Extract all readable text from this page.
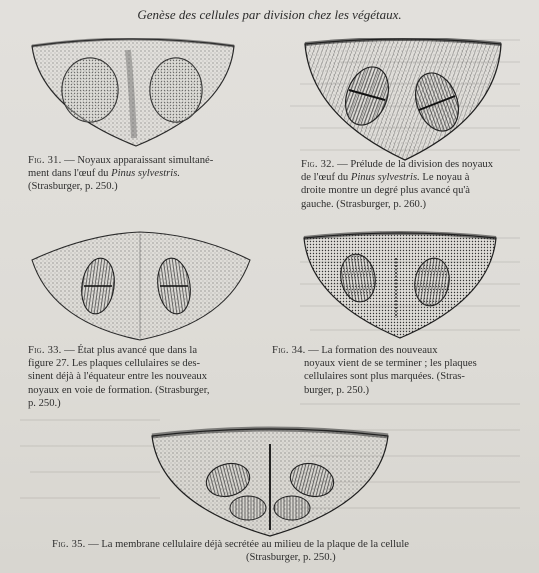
Genèse des cellules par division chez les végétaux.
Fig. 31. — Noyaux apparaissant simultané-
ment dans l'œuf du Pinus sylvestris.
(Strasburger, p. 250.)
Fig. 32. — Prélude de la division des noyaux
de l'œuf du Pinus sylvestris. Le noyau à
droite montre un degré plus avancé qu'à
gauche. (Strasburger, p. 260.)
Fig. 33. — État plus avancé que dans la
figure 27. Les plaques cellulaires se des-
sinent déjà à l'équateur entre les nouveaux
noyaux en voie de formation. (Strasburger,
p. 250.)
Fig. 34. — La formation des nouveaux
noyaux vient de se terminer ; les plaques
cellulaires sont plus marquées. (Stras-
burger, p. 250.)
Fig. 35. — La membrane cellulaire déjà secrétée au milieu de la plaque de la cellule
(Strasburger, p. 250.)
